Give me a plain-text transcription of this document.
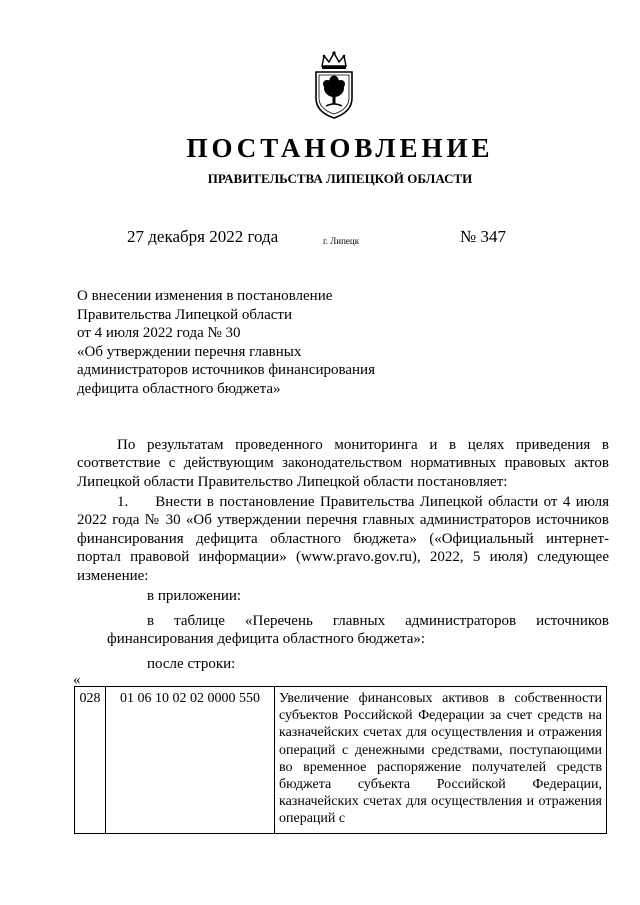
ПОСТАНОВЛЕНИЕ
ПРАВИТЕЛЬСТВА ЛИПЕЦКОЙ ОБЛАСТИ
27 декабря 2022 года	г. Липецк	№ 347
О внесении изменения в постановление
Правительства Липецкой области
от 4 июля 2022 года № 30
«Об утверждении перечня главных
администраторов источников финансирования
дефицита областного бюджета»
По результатам проведенного мониторинга и в целях приведения в соответствие с действующим законодательством нормативных правовых актов Липецкой области Правительство Липецкой области постановляет:
1. Внести в постановление Правительства Липецкой области от 4 июля 2022 года № 30 «Об утверждении перечня главных администраторов источников финансирования дефицита областного бюджета» («Официальный интернет-портал правовой информации» (www.pravo.gov.ru), 2022, 5 июля) следующее изменение:
в приложении:
в таблице «Перечень главных администраторов источников
финансирования дефицита областного бюджета»:
после строки:
«
028	01 06 10 02 02 0000 550	Увеличение финансовых активов в собственности субъектов Российской Федерации за счет средств на казначейских счетах для осуществления и отражения операций с денежными средствами, поступающими во временное распоряжение получателей средств бюджета субъекта Российской Федерации, казначейских счетах для осуществления и отражения операций с
